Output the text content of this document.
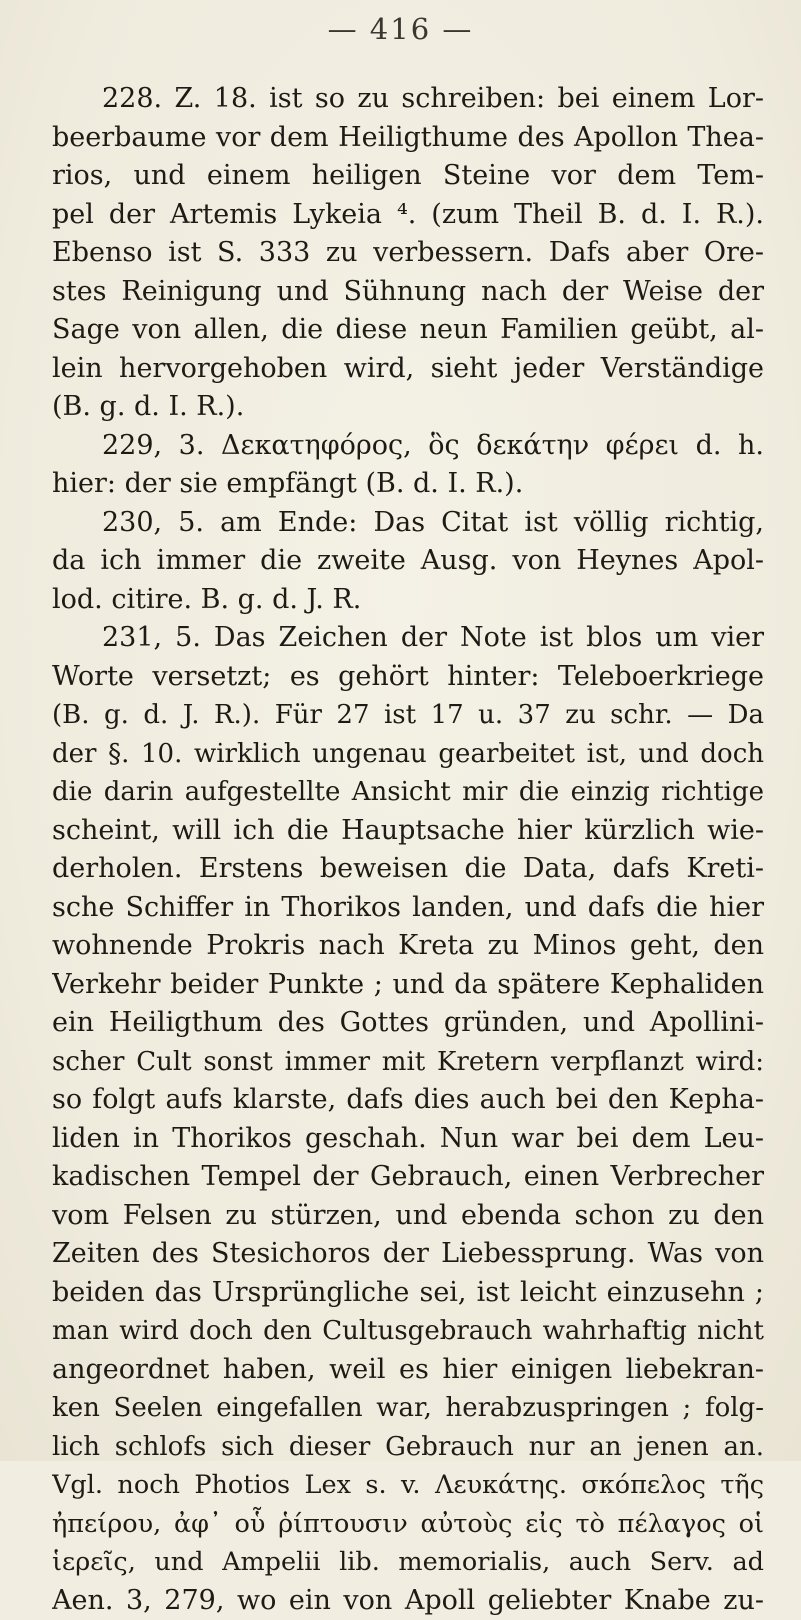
— 416 —
228. Z. 18. ist so zu schreiben: bei einem Lor-
beerbaume vor dem Heiligthume des Apollon Thea-
rios, und einem heiligen Steine vor dem Tem-
pel der Artemis Lykeia ⁴. (zum Theil B. d. I. R.).
Ebenso ist S. 333 zu verbessern. Dafs aber Ore-
stes Reinigung und Sühnung nach der Weise der
Sage von allen, die diese neun Familien geübt, al-
lein hervorgehoben wird, sieht jeder Verständige
(B. g. d. I. R.).
229, 3. Δεκατηφόρος, ὃς δεκάτην φέρει d. h.
hier: der sie empfängt (B. d. I. R.).
230, 5. am Ende: Das Citat ist völlig richtig,
da ich immer die zweite Ausg. von Heynes Apol-
lod. citire. B. g. d. J. R.
231, 5. Das Zeichen der Note ist blos um vier
Worte versetzt; es gehört hinter: Teleboerkriege
(B. g. d. J. R.). Für 27 ist 17 u. 37 zu schr. — Da
der §. 10. wirklich ungenau gearbeitet ist, und doch
die darin aufgestellte Ansicht mir die einzig richtige
scheint, will ich die Hauptsache hier kürzlich wie-
derholen. Erstens beweisen die Data, dafs Kreti-
sche Schiffer in Thorikos landen, und dafs die hier
wohnende Prokris nach Kreta zu Minos geht, den
Verkehr beider Punkte ; und da spätere Kephaliden
ein Heiligthum des Gottes gründen, und Apollini-
scher Cult sonst immer mit Kretern verpflanzt wird:
so folgt aufs klarste, dafs dies auch bei den Kepha-
liden in Thorikos geschah. Nun war bei dem Leu-
kadischen Tempel der Gebrauch, einen Verbrecher
vom Felsen zu stürzen, und ebenda schon zu den
Zeiten des Stesichoros der Liebessprung. Was von
beiden das Ursprüngliche sei, ist leicht einzusehn ;
man wird doch den Cultusgebrauch wahrhaftig nicht
angeordnet haben, weil es hier einigen liebekran-
ken Seelen eingefallen war, herabzuspringen ; folg-
lich schlofs sich dieser Gebrauch nur an jenen an.
Vgl. noch Photios Lex s. v. Λευκάτης. σκόπελος τῆς
ἠπείρου, ἀφ᾽ οὗ ῥίπτουσιν αὐτοὺς εἰς τὸ πέλαγος οἱ
ἱερεῖς, und Ampelii lib. memorialis, auch Serv. ad
Aen. 3, 279, wo ein von Apoll geliebter Knabe zu-
